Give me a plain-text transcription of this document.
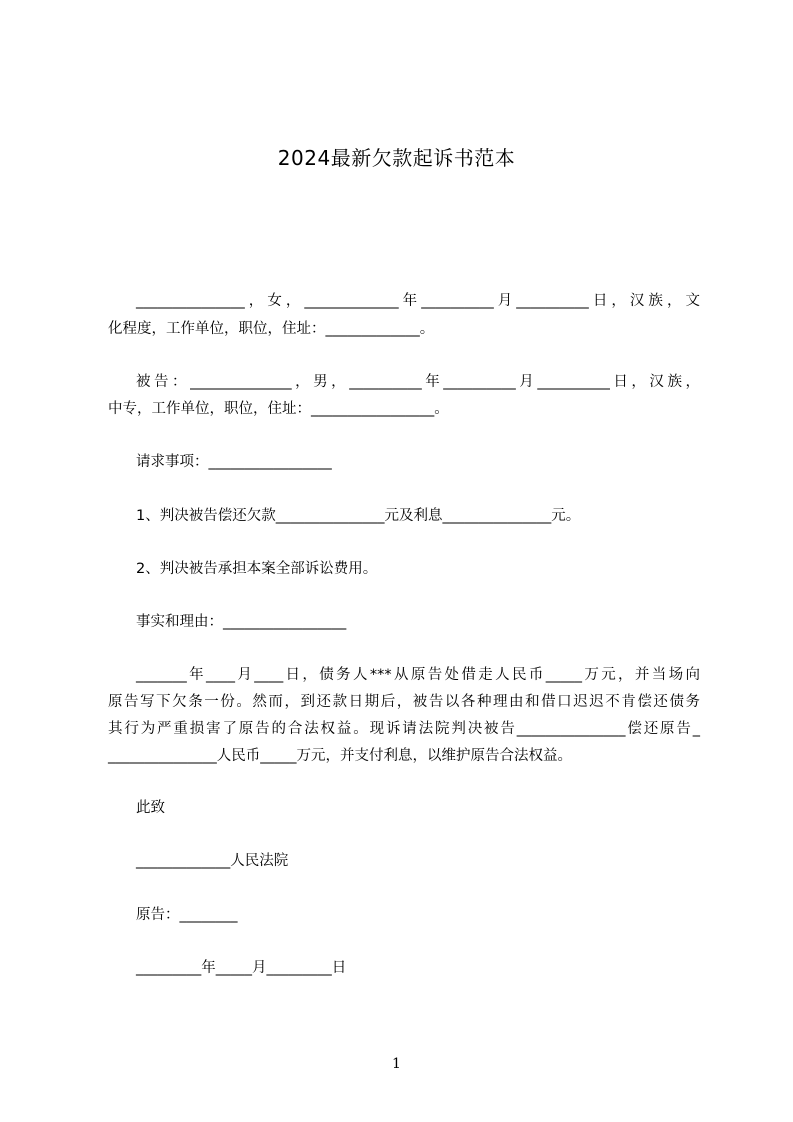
2024最新欠款起诉书范本
_______________，女，_____________年__________月__________日，汉族，文
化程度，工作单位，职位，住址：_____________。
被告：______________，男，__________年__________月__________日，汉族，
中专，工作单位，职位，住址：_________________。
请求事项：_________________
1、判决被告偿还欠款_______________元及利息_______________元。
2、判决被告承担本案全部诉讼费用。
事实和理由：_________________
_______年____月____日，债务人***从原告处借走人民币_____万元，并当场向
原告写下欠条一份。然而，到还款日期后，被告以各种理由和借口迟迟不肯偿还债务
其行为严重损害了原告的合法权益。现诉请法院判决被告_______________偿还原告_
_______________人民币_____万元，并支付利息，以维护原告合法权益。
此致
_____________人民法院
原告：________
_________年_____月_________日
1
